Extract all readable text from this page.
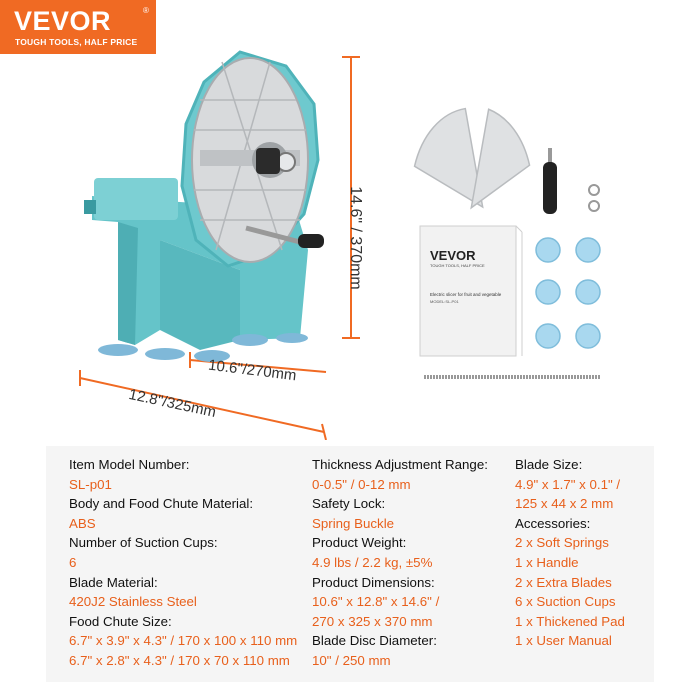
VEVOR	®
TOUGH TOOLS, HALF PRICE
VEVOR
TOUGH TOOLS, HALF PRICE
Electric slicer for fruit and vegetable
MODEL:SL-P01
14.6" / 370mm
10.6"/270mm
12.8"/325mm
Item Model Number:
SL-p01
Body and Food Chute Material:
ABS
Number of Suction Cups:
6
Blade Material:
420J2 Stainless Steel
Food Chute Size:
6.7" x 3.9" x 4.3" / 170 x 100 x 110 mm
6.7" x 2.8" x 4.3" / 170 x 70 x 110 mm
Thickness Adjustment Range:
0-0.5" / 0-12 mm
Safety Lock:
Spring Buckle
Product Weight:
4.9 lbs / 2.2 kg, ±5%
Product Dimensions:
10.6" x 12.8" x 14.6" /
270 x 325 x 370 mm
Blade Disc Diameter:
10" / 250 mm
Blade Size:
4.9" x 1.7" x 0.1" /
125 x 44 x 2 mm
Accessories:
2 x Soft Springs
1 x Handle
2 x Extra Blades
6 x Suction Cups
1 x Thickened Pad
1 x User Manual
